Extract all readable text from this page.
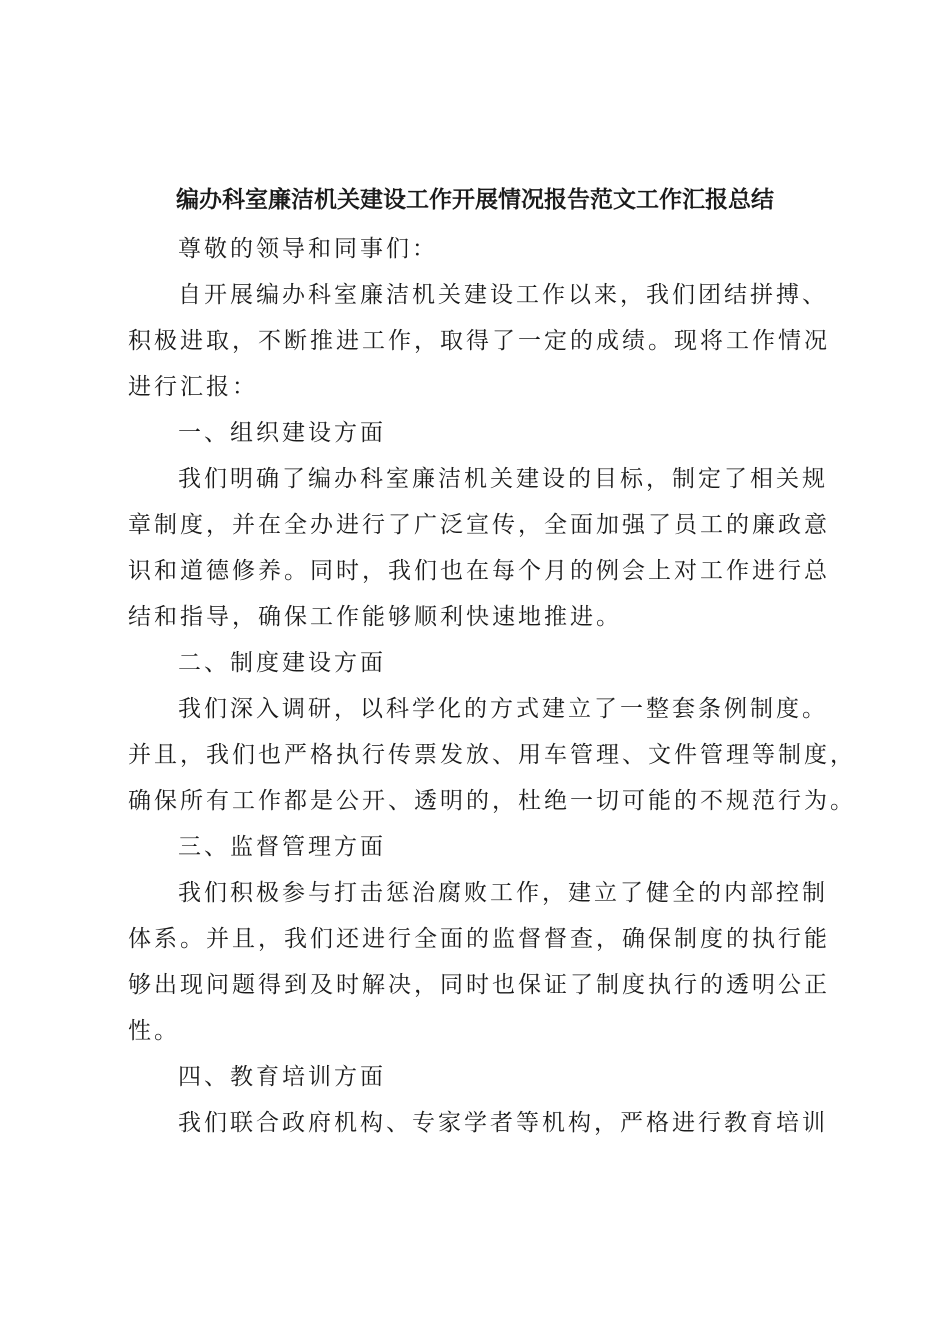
编办科室廉洁机关建设工作开展情况报告范文工作汇报总结
尊敬的领导和同事们：
自开展编办科室廉洁机关建设工作以来，我们团结拼搏、
积极进取，不断推进工作，取得了一定的成绩。现将工作情况
进行汇报：
一、组织建设方面
我们明确了编办科室廉洁机关建设的目标，制定了相关规
章制度，并在全办进行了广泛宣传，全面加强了员工的廉政意
识和道德修养。同时，我们也在每个月的例会上对工作进行总
结和指导，确保工作能够顺利快速地推进。
二、制度建设方面
我们深入调研，以科学化的方式建立了一整套条例制度。
并且，我们也严格执行传票发放、用车管理、文件管理等制度，
确保所有工作都是公开、透明的，杜绝一切可能的不规范行为。
三、监督管理方面
我们积极参与打击惩治腐败工作，建立了健全的内部控制
体系。并且，我们还进行全面的监督督查，确保制度的执行能
够出现问题得到及时解决，同时也保证了制度执行的透明公正
性。
四、教育培训方面
我们联合政府机构、专家学者等机构，严格进行教育培训
